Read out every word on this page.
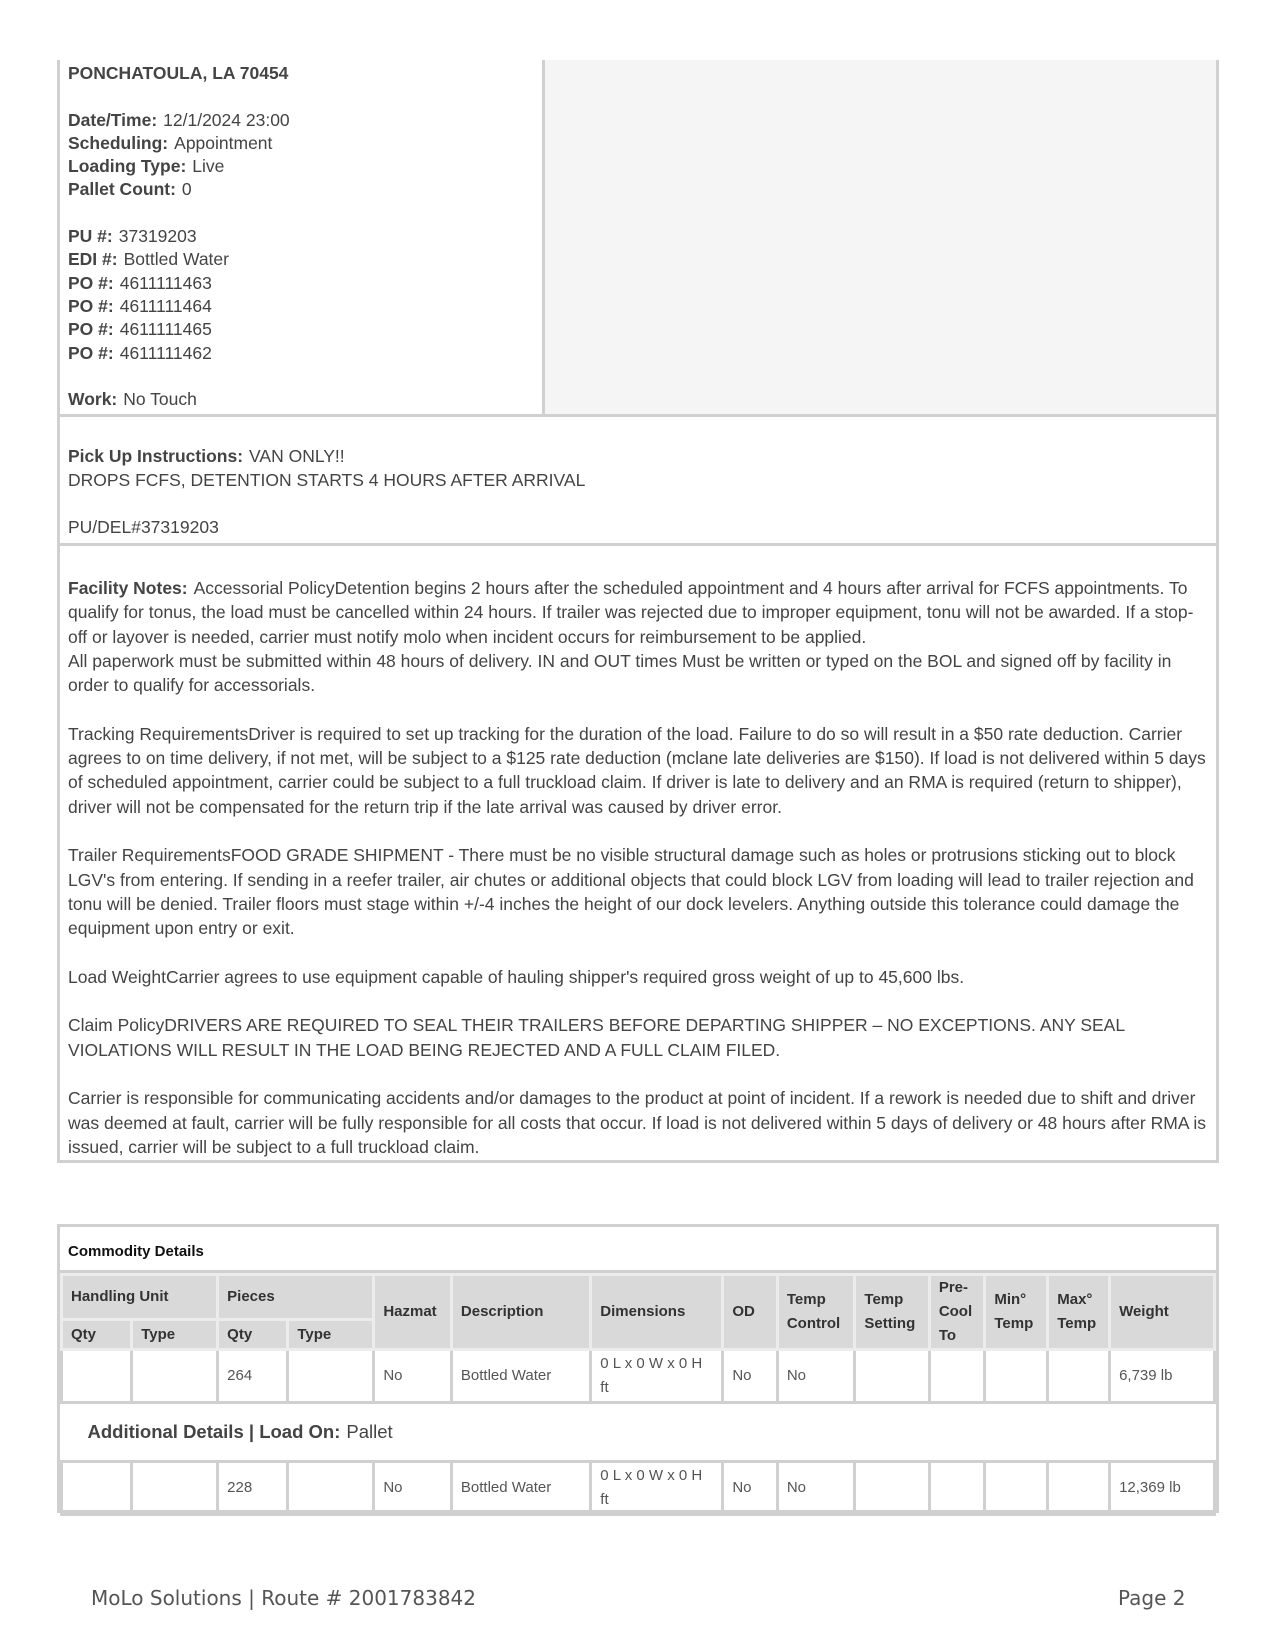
PONCHATOULA, LA 70454
Date/Time: 12/1/2024 23:00
Scheduling: Appointment
Loading Type: Live
Pallet Count: 0
PU #: 37319203
EDI #: Bottled Water
PO #: 4611111463
PO #: 4611111464
PO #: 4611111465
PO #: 4611111462
Work: No Touch
Pick Up Instructions: VAN ONLY!!
DROPS FCFS, DETENTION STARTS 4 HOURS AFTER ARRIVAL
PU/DEL#37319203

Facility Notes: Accessorial PolicyDetention begins 2 hours after the scheduled appointment and 4 hours after arrival for FCFS appointments. To qualify for tonus, the load must be cancelled within 24 hours. If trailer was rejected due to improper equipment, tonu will not be awarded. If a stop-off or layover is needed, carrier must notify molo when incident occurs for reimbursement to be applied.
All paperwork must be submitted within 48 hours of delivery. IN and OUT times Must be written or typed on the BOL and signed off by facility in order to qualify for accessorials.

Tracking RequirementsDriver is required to set up tracking for the duration of the load. Failure to do so will result in a $50 rate deduction. Carrier agrees to on time delivery, if not met, will be subject to a $125 rate deduction (mclane late deliveries are $150). If load is not delivered within 5 days of scheduled appointment, carrier could be subject to a full truckload claim. If driver is late to delivery and an RMA is required (return to shipper), driver will not be compensated for the return trip if the late arrival was caused by driver error.

Trailer RequirementsFOOD GRADE SHIPMENT - There must be no visible structural damage such as holes or protrusions sticking out to block LGV's from entering. If sending in a reefer trailer, air chutes or additional objects that could block LGV from loading will lead to trailer rejection and tonu will be denied. Trailer floors must stage within +/-4 inches the height of our dock levelers. Anything outside this tolerance could damage the equipment upon entry or exit.

Load WeightCarrier agrees to use equipment capable of hauling shipper's required gross weight of up to 45,600 lbs.

Claim PolicyDRIVERS ARE REQUIRED TO SEAL THEIR TRAILERS BEFORE DEPARTING SHIPPER – NO EXCEPTIONS. ANY SEAL VIOLATIONS WILL RESULT IN THE LOAD BEING REJECTED AND A FULL CLAIM FILED.

Carrier is responsible for communicating accidents and/or damages to the product at point of incident. If a rework is needed due to shift and driver was deemed at fault, carrier will be fully responsible for all costs that occur. If load is not delivered within 5 days of delivery or 48 hours after RMA is issued, carrier will be subject to a full truckload claim.

Commodity Details
Handling Unit		Pieces		Hazmat	Description	Dimensions	OD	Temp Control	Temp Setting	Pre-Cool To	Min° Temp	Max° Temp	Weight
Qty	Type	Qty	Type										
		264		No	Bottled Water	0 L x 0 W x 0 H ft	No	No					6,739 lb

Additional Details | Load On: Pallet													

		228		No	Bottled Water	0 L x 0 W x 0 H ft	No	No					12,369 lb
MoLo Solutions | Route # 2001783842	Page 2
